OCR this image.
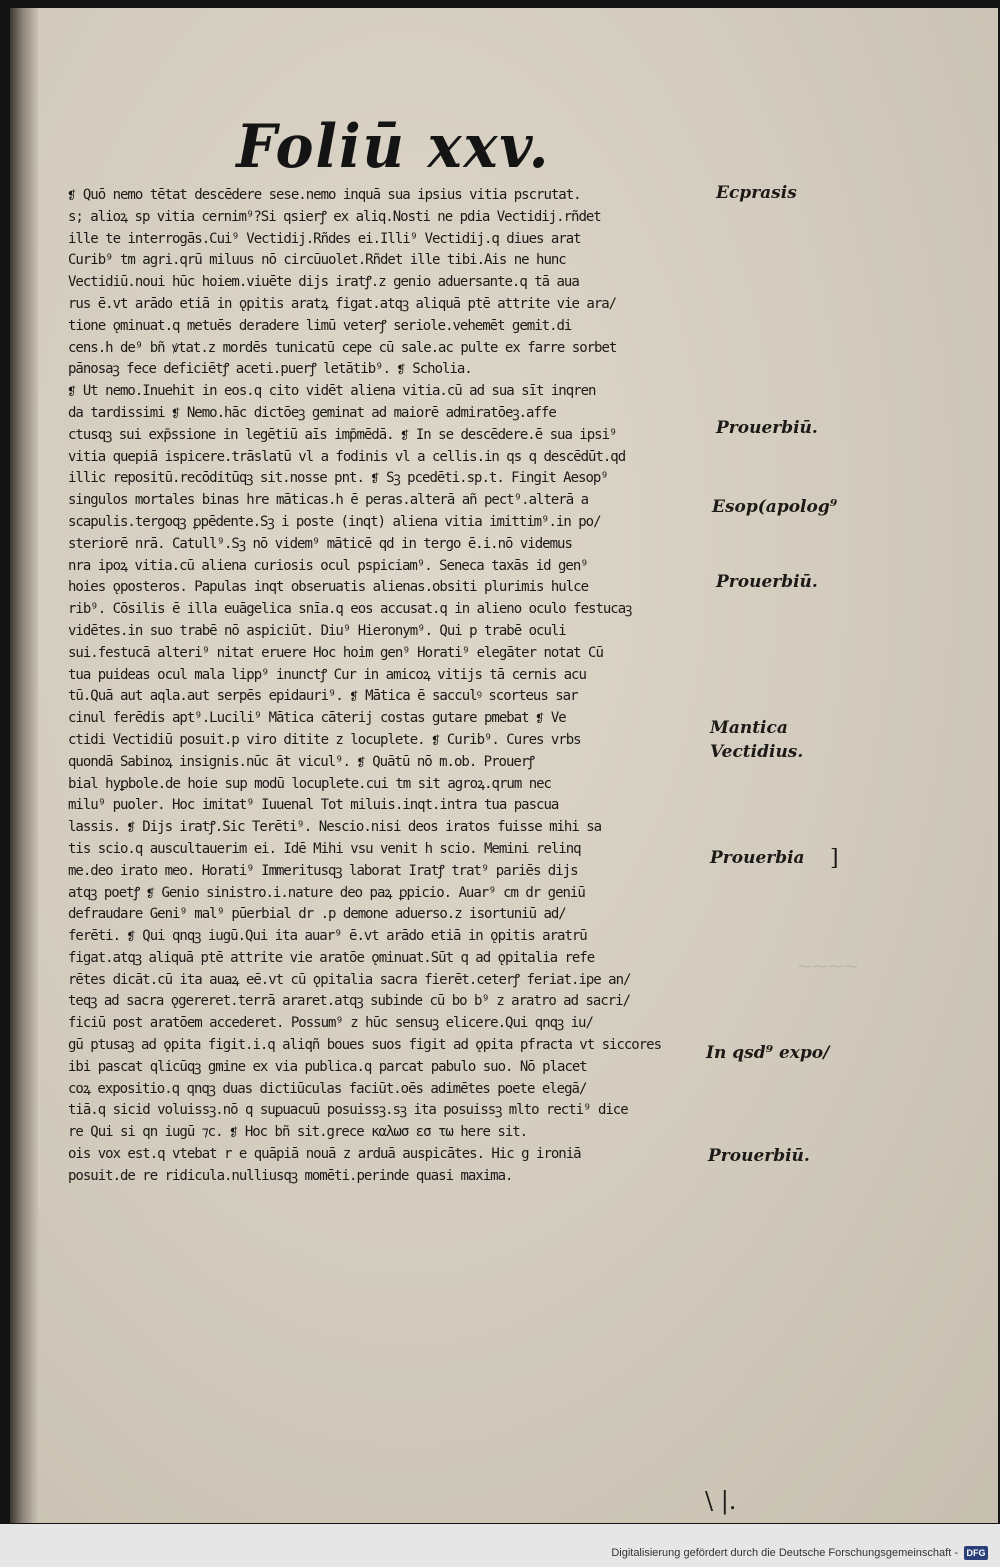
Foliū xxv.
❡ Quō nemo tētat descēdere sese.nemo inquā sua ipsius vitia pscrutat.
s; alioꝝ sp vitia cernim⁹?Si qsierꝭ ex aliq.Nosti ne pdia Vectidij.rñdet
ille te interrogās.Cui⁹ Vectidij.Rñdes ei.Illi⁹ Vectidij.q diues arat
Curib⁹ tm agri.qrū miluus nō circūuolet.Rñdet ille tibi.Ais ne hunc
Vectidiū.noui hūc hoiem.viuēte dijs iratꝭ.z genio aduersante.q tā aua
rus ē.vt arādo etiā in ǫpitis aratꝝ figat.atqꝫ aliquā ptē attrite vie ara/
tione ǫminuat.q metuēs deradere limū veterꝭ seriole.vehemēt gemit.di
cens.h de⁹ bñ ꝟtat.z mordēs tunicatū cepe cū sale.ac pulte ex farre sorbet
pānosaꝫ fece deficiētꝭ aceti.puerꝭ letātib⁹. ❡ Scholia.
❡ Ut nemo.Inuehit in eos.q cito vidēt aliena vitia.cū ad sua sīt inqren
da tardissimi ❡ Nemo.hāc dictōeꝫ geminat ad maiorē admiratōeꝫ.affe
ctusqꝫ sui exp̄ssione in legētiū aīs imp̄mēdā. ❡ In se descēdere.ē sua ipsi⁹
vitia quepiā ispicere.trāslatū vl a fodinis vl a cellis.in qs q descēdūt.qd
illic repositū.recōditūqꝫ sit.nosse pnt. ❡ Sꝫ pcedēti.sp.t. Fingit Aesop⁹
singulos mortales binas hre māticas.h ē peras.alterā añ pect⁹.alterā a
scapulis.tergoqꝫ ꝑpēdente.Sꝫ i poste (inqt) aliena vitia imittim⁹.in po/
steriorē nrā. Catull⁹.Sꝫ nō videm⁹ māticē qd in tergo ē.i.nō videmus
nra ipoꝝ vitia.cū aliena curiosis ocul pspiciam⁹. Seneca taxās id gen⁹
hoies ǫposteros. Papulas inqt obseruatis alienas.obsiti plurimis hulce
rib⁹. Cōsilis ē illa euāgelica snīa.q eos accusat.q in alieno oculo festucaꝫ
vidētes.in suo trabē nō aspiciūt. Diu⁹ Hieronym⁹. Qui p trabē oculi
sui.festucā alteri⁹ nitat eruere Hoc hoim gen⁹ Horati⁹ elegāter notat Cū
tua puideas ocul mala lipp⁹ inunctꝭ Cur in amicoꝝ vitijs tā cernis acu
tū.Quā aut aqla.aut serpēs epidauri⁹. ❡ Mātica ē sacculꝰ scorteus sar
cinul ferēdis apt⁹.Lucili⁹ Mātica cāterij costas gutare pmebat ❡ Ve
ctidi Vectidiū posuit.p viro ditite z locuplete. ❡ Curib⁹. Cures vrbs
quondā Sabinoꝝ insignis.nūc āt vicul⁹. ❡ Quātū nō m.ob. Prouerꝭ
bial hyꝑbole.de hoie sup modū locuplete.cui tm sit agroꝝ.qrum nec
milu⁹ puoler. Hoc imitat⁹ Iuuenal Tot miluis.inqt.intra tua pascua
lassis. ❡ Dijs iratꝭ.Sic Terēti⁹. Nescio.nisi deos iratos fuisse mihi sa
tis scio.q auscultauerim ei. Idē Mihi vsu venit h scio. Memini relinq
me.deo irato meo. Horati⁹ Immeritusqꝫ laborat Iratꝭ trat⁹ pariēs dijs
atqꝫ poetꝭ ❡ Genio sinistro.i.nature deo paꝝ ꝑpicio. Auar⁹ cm dr geniū
defraudare Geni⁹ mal⁹ pūerbial dr .p demone aduerso.z isortuniū ad/
ferēti. ❡ Qui qnqꝫ iugū.Qui ita auar⁹ ē.vt arādo etiā in ǫpitis aratrū
figat.atqꝫ aliquā ptē attrite vie aratōe ǫminuat.Sūt q ad ǫpitalia refe
rētes dicāt.cū ita auaꝝ eē.vt cū ǫpitalia sacra fierēt.ceterꝭ feriat.ipe an/
teqꝫ ad sacra ǫgereret.terrā araret.atqꝫ subinde cū bo b⁹ z aratro ad sacri/
ficiū post aratōem accederet. Possum⁹ z hūc sensuꝫ elicere.Qui qnqꝫ iu/
gū ptusaꝫ ad ǫpita figit.i.q aliqñ boues suos figit ad ǫpita pfracta vt siccores
ibi pascat qlicūqꝫ gmine ex via publica.q parcat pabulo suo. Nō placet
coꝝ expositio.q qnqꝫ duas dictiūculas faciūt.oēs adimētes poete elegā/
tiā.q sicid voluissꝫ.nō q suꝑuacuū posuissꝫ.sꝫ ita posuissꝫ mlto recti⁹ dice
re Qui si qn iugū ⁊c. ❡ Hoc bñ sit.grece καλωσ εσ τω here sit.
ois vox est.q vtebat r e quāpiā nouā z arduā auspicātes. Hic g ironiā
posuit.de re ridicula.nulliusqꝫ momēti.perinde quasi maxima.
Ecprasis
Prouerbiū.
Esop(apolog⁹
Prouerbiū.
Mantica
Vectidius.
Prouerbia ]
⁓⁓⁓⁓
In qsd⁹ expo/
Prouerbiū.
\ |.
Digitalisierung gefördert durch die Deutsche Forschungsgemeinschaft - DFG
